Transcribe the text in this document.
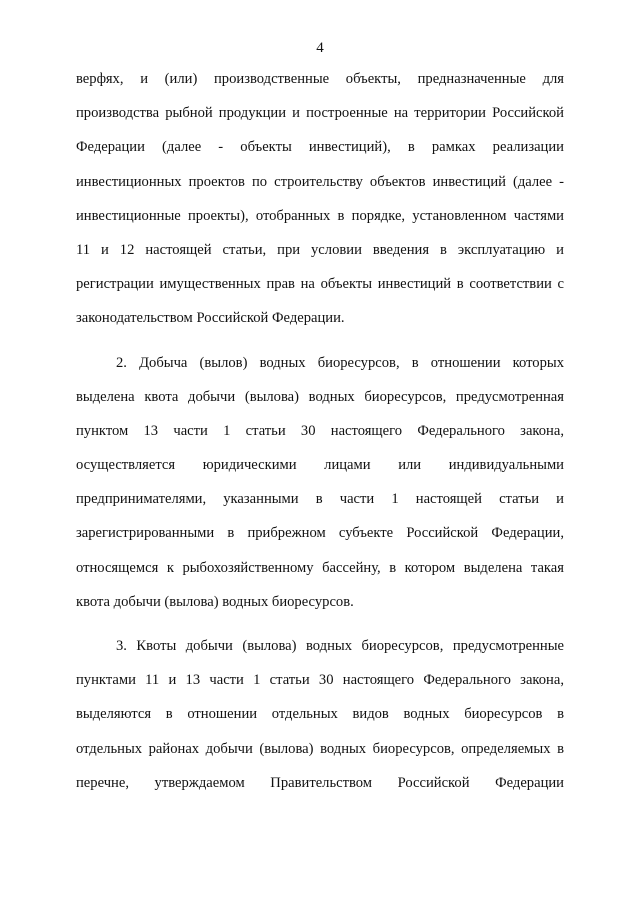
4
верфях, и (или) производственные объекты, предназначенные для
производства рыбной продукции и построенные на территории Российской
Федерации (далее - объекты инвестиций), в рамках реализации
инвестиционных проектов по строительству объектов инвестиций (далее -
инвестиционные проекты), отобранных в порядке, установленном частями
11 и 12 настоящей статьи, при условии введения в эксплуатацию и
регистрации имущественных прав на объекты инвестиций в соответствии с
законодательством Российской Федерации.
2. Добыча (вылов) водных биоресурсов, в отношении которых
выделена квота добычи (вылова) водных биоресурсов, предусмотренная
пунктом 13 части 1 статьи 30 настоящего Федерального закона,
осуществляется юридическими лицами или индивидуальными
предпринимателями, указанными в части 1 настоящей статьи и
зарегистрированными в прибрежном субъекте Российской Федерации,
относящемся к рыбохозяйственному бассейну, в котором выделена такая
квота добычи (вылова) водных биоресурсов.
3. Квоты добычи (вылова) водных биоресурсов, предусмотренные
пунктами 11 и 13 части 1 статьи 30 настоящего Федерального закона,
выделяются в отношении отдельных видов водных биоресурсов в
отдельных районах добычи (вылова) водных биоресурсов, определяемых в
перечне, утверждаемом Правительством Российской Федерации
